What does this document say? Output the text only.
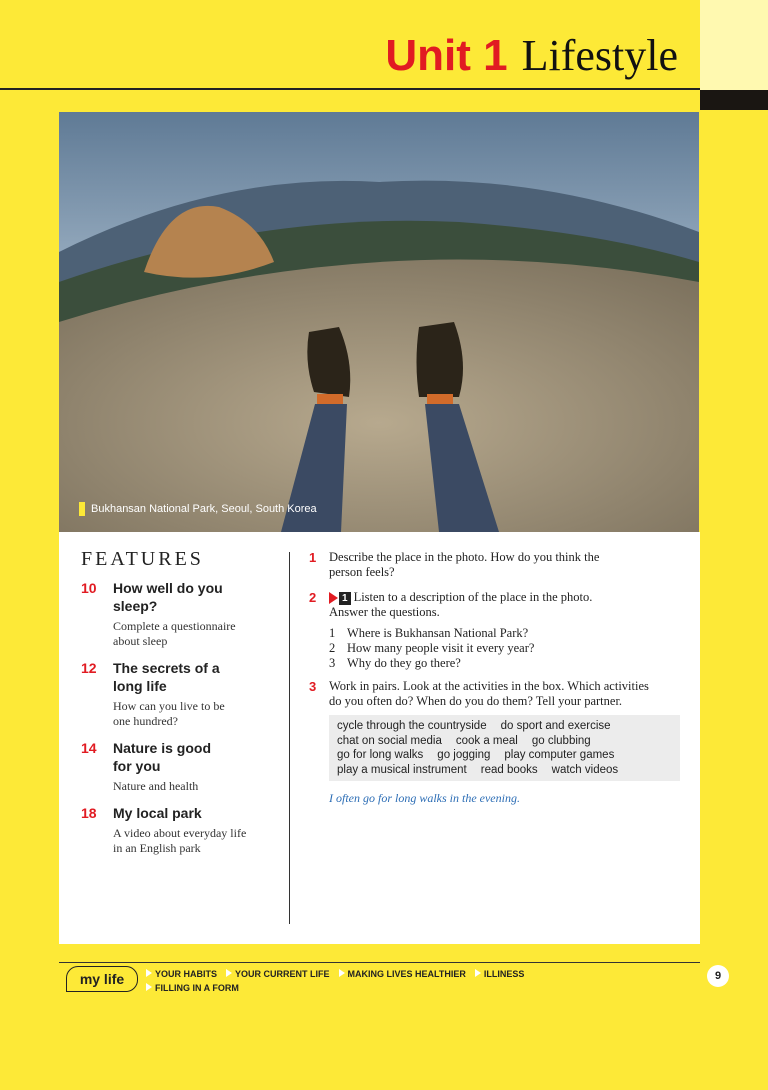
Unit 1 Lifestyle
Bukhansan National Park, Seoul, South Korea
FEATURES
10	How well do you
sleep?
Complete a questionnaire
about sleep
12	The secrets of a
long life
How can you live to be
one hundred?
14	Nature is good
for you
Nature and health
18	My local park
A video about everyday life
in an English park
1	Describe the place in the photo. How do you think the
person feels?
2	1 Listen to a description of the place in the photo.
Answer the questions.
1 Where is Bukhansan National Park?
2 How many people visit it every year?
3 Why do they go there?
3	Work in pairs. Look at the activities in the box. Which activities
do you often do? When do you do them? Tell your partner.
cycle through the countryside do sport and exercise
chat on social media cook a meal go clubbing
go for long walks go jogging play computer games
play a musical instrument read books watch videos
I often go for long walks in the evening.
my life	YOUR HABITS YOUR CURRENT LIFE MAKING LIVES HEALTHIER ILLINESS
FILLING IN A FORM
9
